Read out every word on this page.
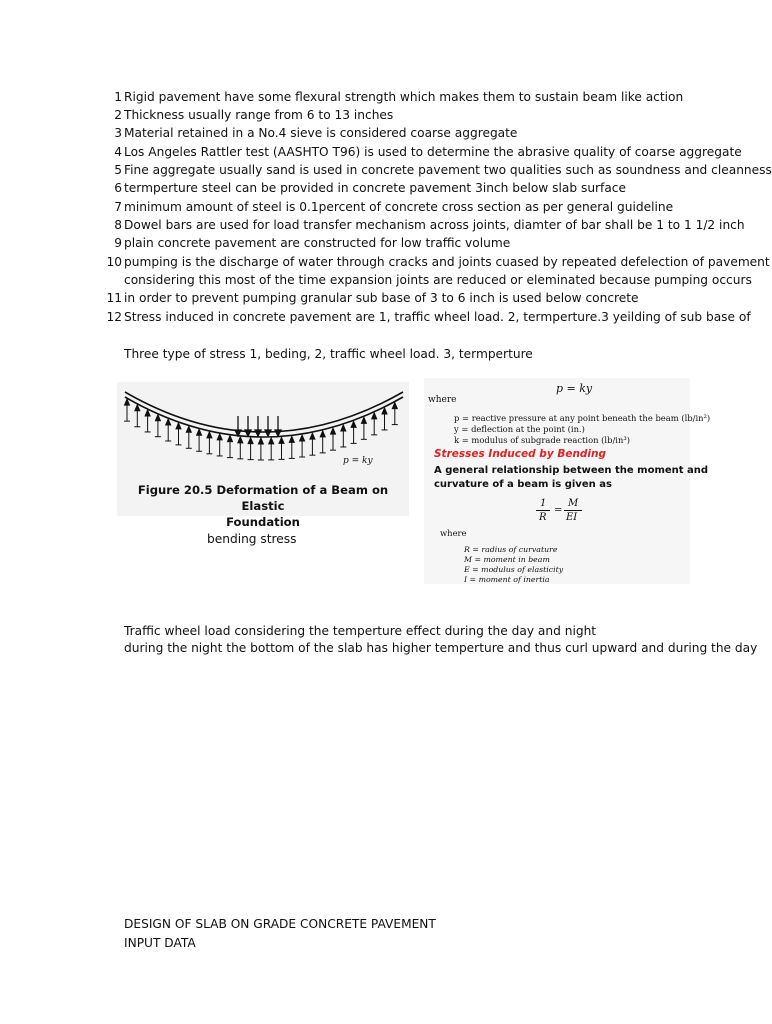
1 Rigid pavement have some flexural strength which makes them to sustain beam like action
2 Thickness usually range from 6 to 13 inches
3 Material retained in a No.4 sieve is considered coarse aggregate
4 Los Angeles Rattler test (AASHTO T96) is used to determine the abrasive quality of coarse aggregate
5 Fine aggregate usually sand is used in concrete pavement two qualities such as soundness and cleanness
6 termperture steel can be provided in concrete pavement 3inch below slab surface
7 minimum amount of steel is 0.1percent of concrete cross section as per general guideline
8 Dowel bars are used for load transfer mechanism across joints, diamter of bar shall be 1 to 1 1/2 inch
9 plain concrete pavement are constructed for low traffic volume
10 pumping is the discharge of water through cracks and joints cuased by repeated defelection of pavement
considering this most of the time expansion joints are reduced or eleminated because pumping occurs
11 in order to prevent pumping granular sub base of 3 to 6 inch is used below concrete
12 Stress induced in concrete pavement are 1, traffic wheel load. 2, termperture.3 yeilding of sub base of
Three type of stress 1, beding, 2, traffic wheel load. 3, termperture
p = ky
Figure 20.5 Deformation of a Beam on Elastic
Foundation
bending stress
p = ky
where
p = reactive pressure at any point beneath the beam (lb/in²)
y = deflection at the point (in.)
k = modulus of subgrade reaction (lb/in³)
Stresses Induced by Bending
A general relationship between the moment and
curvature of a beam is given as
1
R
=
M
EI
where
R = radius of curvature
M = moment in beam
E = modulus of elasticity
I = moment of inertia
Traffic wheel load considering the temperture effect during the day and night
during the night the bottom of the slab has higher temperture and thus curl upward and during the day
DESIGN OF SLAB ON GRADE CONCRETE PAVEMENT
INPUT DATA
